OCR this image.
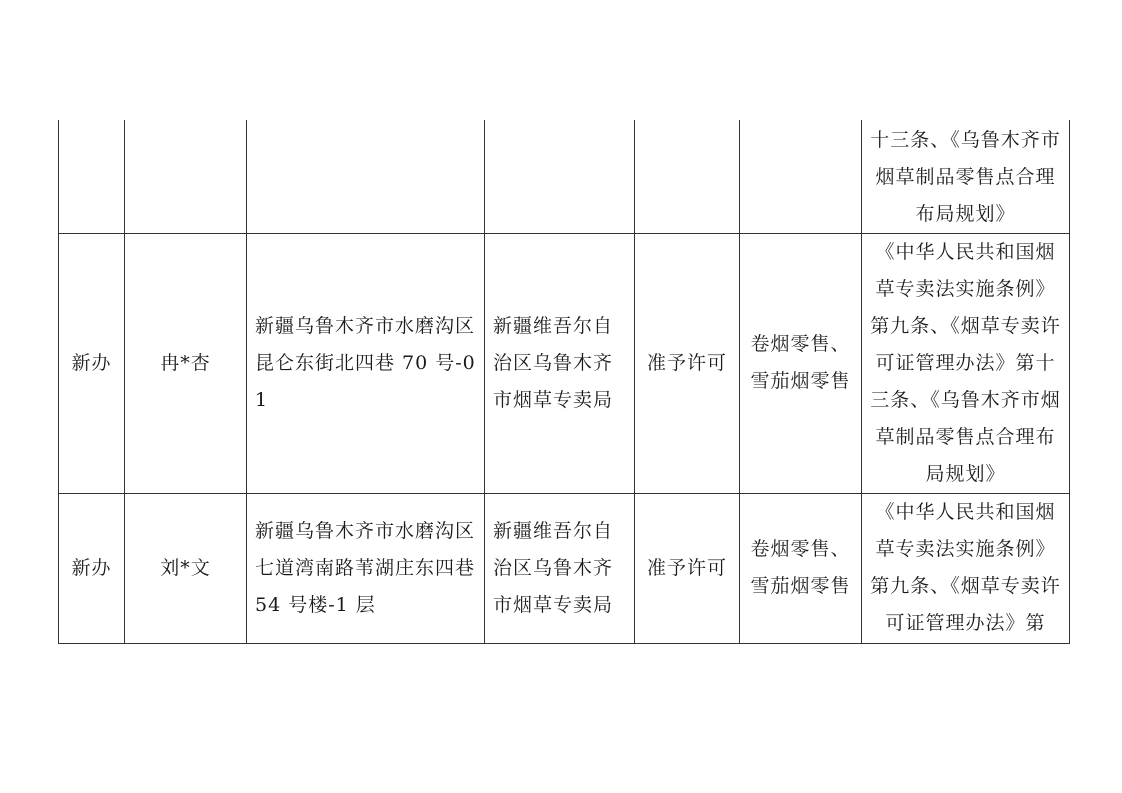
						十三条、《乌鲁木齐市烟草制品零售点合理布局规划》
新办	冉*杏	新疆乌鲁木齐市水磨沟区昆仑东街北四巷 70 号-01	新疆维吾尔自治区乌鲁木齐市烟草专卖局	准予许可	卷烟零售、雪茄烟零售	《中华人民共和国烟草专卖法实施条例》第九条、《烟草专卖许可证管理办法》第十三条、《乌鲁木齐市烟草制品零售点合理布局规划》
新办	刘*文	新疆乌鲁木齐市水磨沟区七道湾南路苇湖庄东四巷 54 号楼-1 层	新疆维吾尔自治区乌鲁木齐市烟草专卖局	准予许可	卷烟零售、雪茄烟零售	《中华人民共和国烟草专卖法实施条例》第九条、《烟草专卖许可证管理办法》第
